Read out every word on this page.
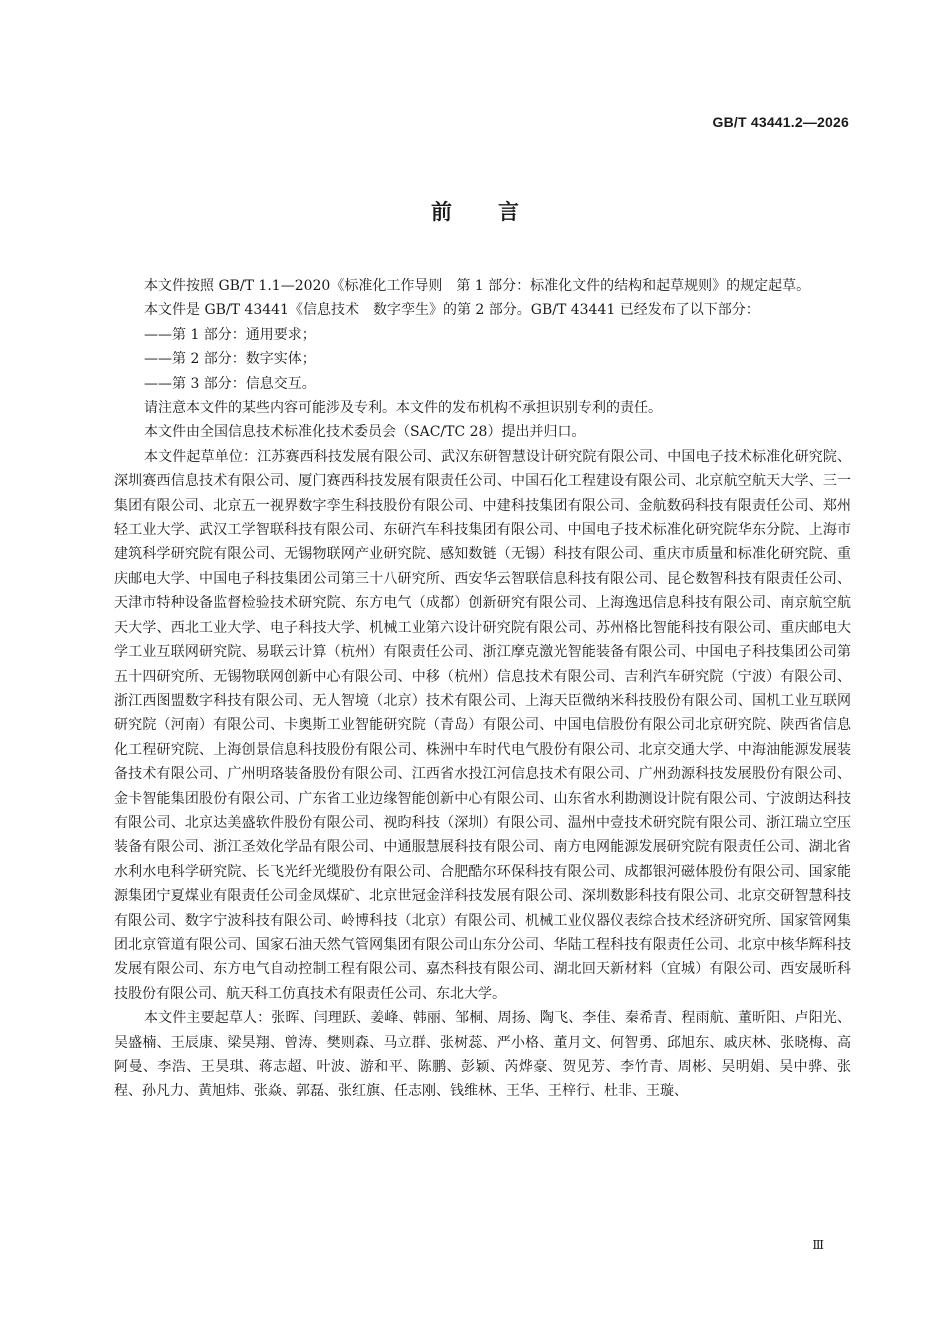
GB/T 43441.2—2026
前言

本文件按照 GB/T 1.1—2020《标准化工作导则　第 1 部分：标准化文件的结构和起草规则》的规定起草。

本文件是 GB/T 43441《信息技术　数字孪生》的第 2 部分。GB/T 43441 已经发布了以下部分：

——第 1 部分：通用要求；

——第 2 部分：数字实体；

——第 3 部分：信息交互。

请注意本文件的某些内容可能涉及专利。本文件的发布机构不承担识别专利的责任。

本文件由全国信息技术标准化技术委员会（SAC/TC 28）提出并归口。

本文件起草单位：江苏赛西科技发展有限公司、武汉东研智慧设计研究院有限公司、中国电子技术标准化研究院、深圳赛西信息技术有限公司、厦门赛西科技发展有限责任公司、中国石化工程建设有限公司、北京航空航天大学、三一集团有限公司、北京五一视界数字孪生科技股份有限公司、中建科技集团有限公司、金航数码科技有限责任公司、郑州轻工业大学、武汉工学智联科技有限公司、东研汽车科技集团有限公司、中国电子技术标准化研究院华东分院、上海市建筑科学研究院有限公司、无锡物联网产业研究院、感知数链（无锡）科技有限公司、重庆市质量和标准化研究院、重庆邮电大学、中国电子科技集团公司第三十八研究所、西安华云智联信息科技有限公司、昆仑数智科技有限责任公司、天津市特种设备监督检验技术研究院、东方电气（成都）创新研究有限公司、上海逸迅信息科技有限公司、南京航空航天大学、西北工业大学、电子科技大学、机械工业第六设计研究院有限公司、苏州格比智能科技有限公司、重庆邮电大学工业互联网研究院、易联云计算（杭州）有限责任公司、浙江摩克激光智能装备有限公司、中国电子科技集团公司第五十四研究所、无锡物联网创新中心有限公司、中移（杭州）信息技术有限公司、吉利汽车研究院（宁波）有限公司、浙江西图盟数字科技有限公司、无人智境（北京）技术有限公司、上海天臣微纳米科技股份有限公司、国机工业互联网研究院（河南）有限公司、卡奥斯工业智能研究院（青岛）有限公司、中国电信股份有限公司北京研究院、陕西省信息化工程研究院、上海创景信息科技股份有限公司、株洲中车时代电气股份有限公司、北京交通大学、中海油能源发展装备技术有限公司、广州明珞装备股份有限公司、江西省水投江河信息技术有限公司、广州劲源科技发展股份有限公司、金卡智能集团股份有限公司、广东省工业边缘智能创新中心有限公司、山东省水利勘测设计院有限公司、宁波朗达科技有限公司、北京达美盛软件股份有限公司、视昀科技（深圳）有限公司、温州中壹技术研究院有限公司、浙江瑞立空压装备有限公司、浙江圣效化学品有限公司、中通服慧展科技有限公司、南方电网能源发展研究院有限责任公司、湖北省水利水电科学研究院、长飞光纤光缆股份有限公司、合肥酷尔环保科技有限公司、成都银河磁体股份有限公司、国家能源集团宁夏煤业有限责任公司金凤煤矿、北京世冠金洋科技发展有限公司、深圳数影科技有限公司、北京交研智慧科技有限公司、数字宁波科技有限公司、岭博科技（北京）有限公司、机械工业仪器仪表综合技术经济研究所、国家管网集团北京管道有限公司、国家石油天然气管网集团有限公司山东分公司、华陆工程科技有限责任公司、北京中核华辉科技发展有限公司、东方电气自动控制工程有限公司、嘉杰科技有限公司、湖北回天新材料（宜城）有限公司、西安晟昕科技股份有限公司、航天科工仿真技术有限责任公司、东北大学。

本文件主要起草人：张晖、闫理跃、姜峰、韩丽、邹桐、周扬、陶飞、李佳、秦希青、程雨航、董昕阳、卢阳光、吴盛楠、王辰康、梁昊翔、曾涛、樊则森、马立群、张树蕊、严小格、董月文、何智勇、邱旭东、戚庆林、张晓梅、高阿曼、李浩、王昊琪、蒋志超、叶波、游和平、陈鹏、彭颖、芮烨豪、贺见芳、李竹青、周彬、吴明娟、吴中骅、张程、孙凡力、黄旭炜、张焱、郭磊、张红旗、任志刚、钱维林、王华、王梓行、杜非、王璇、

Ⅲ
